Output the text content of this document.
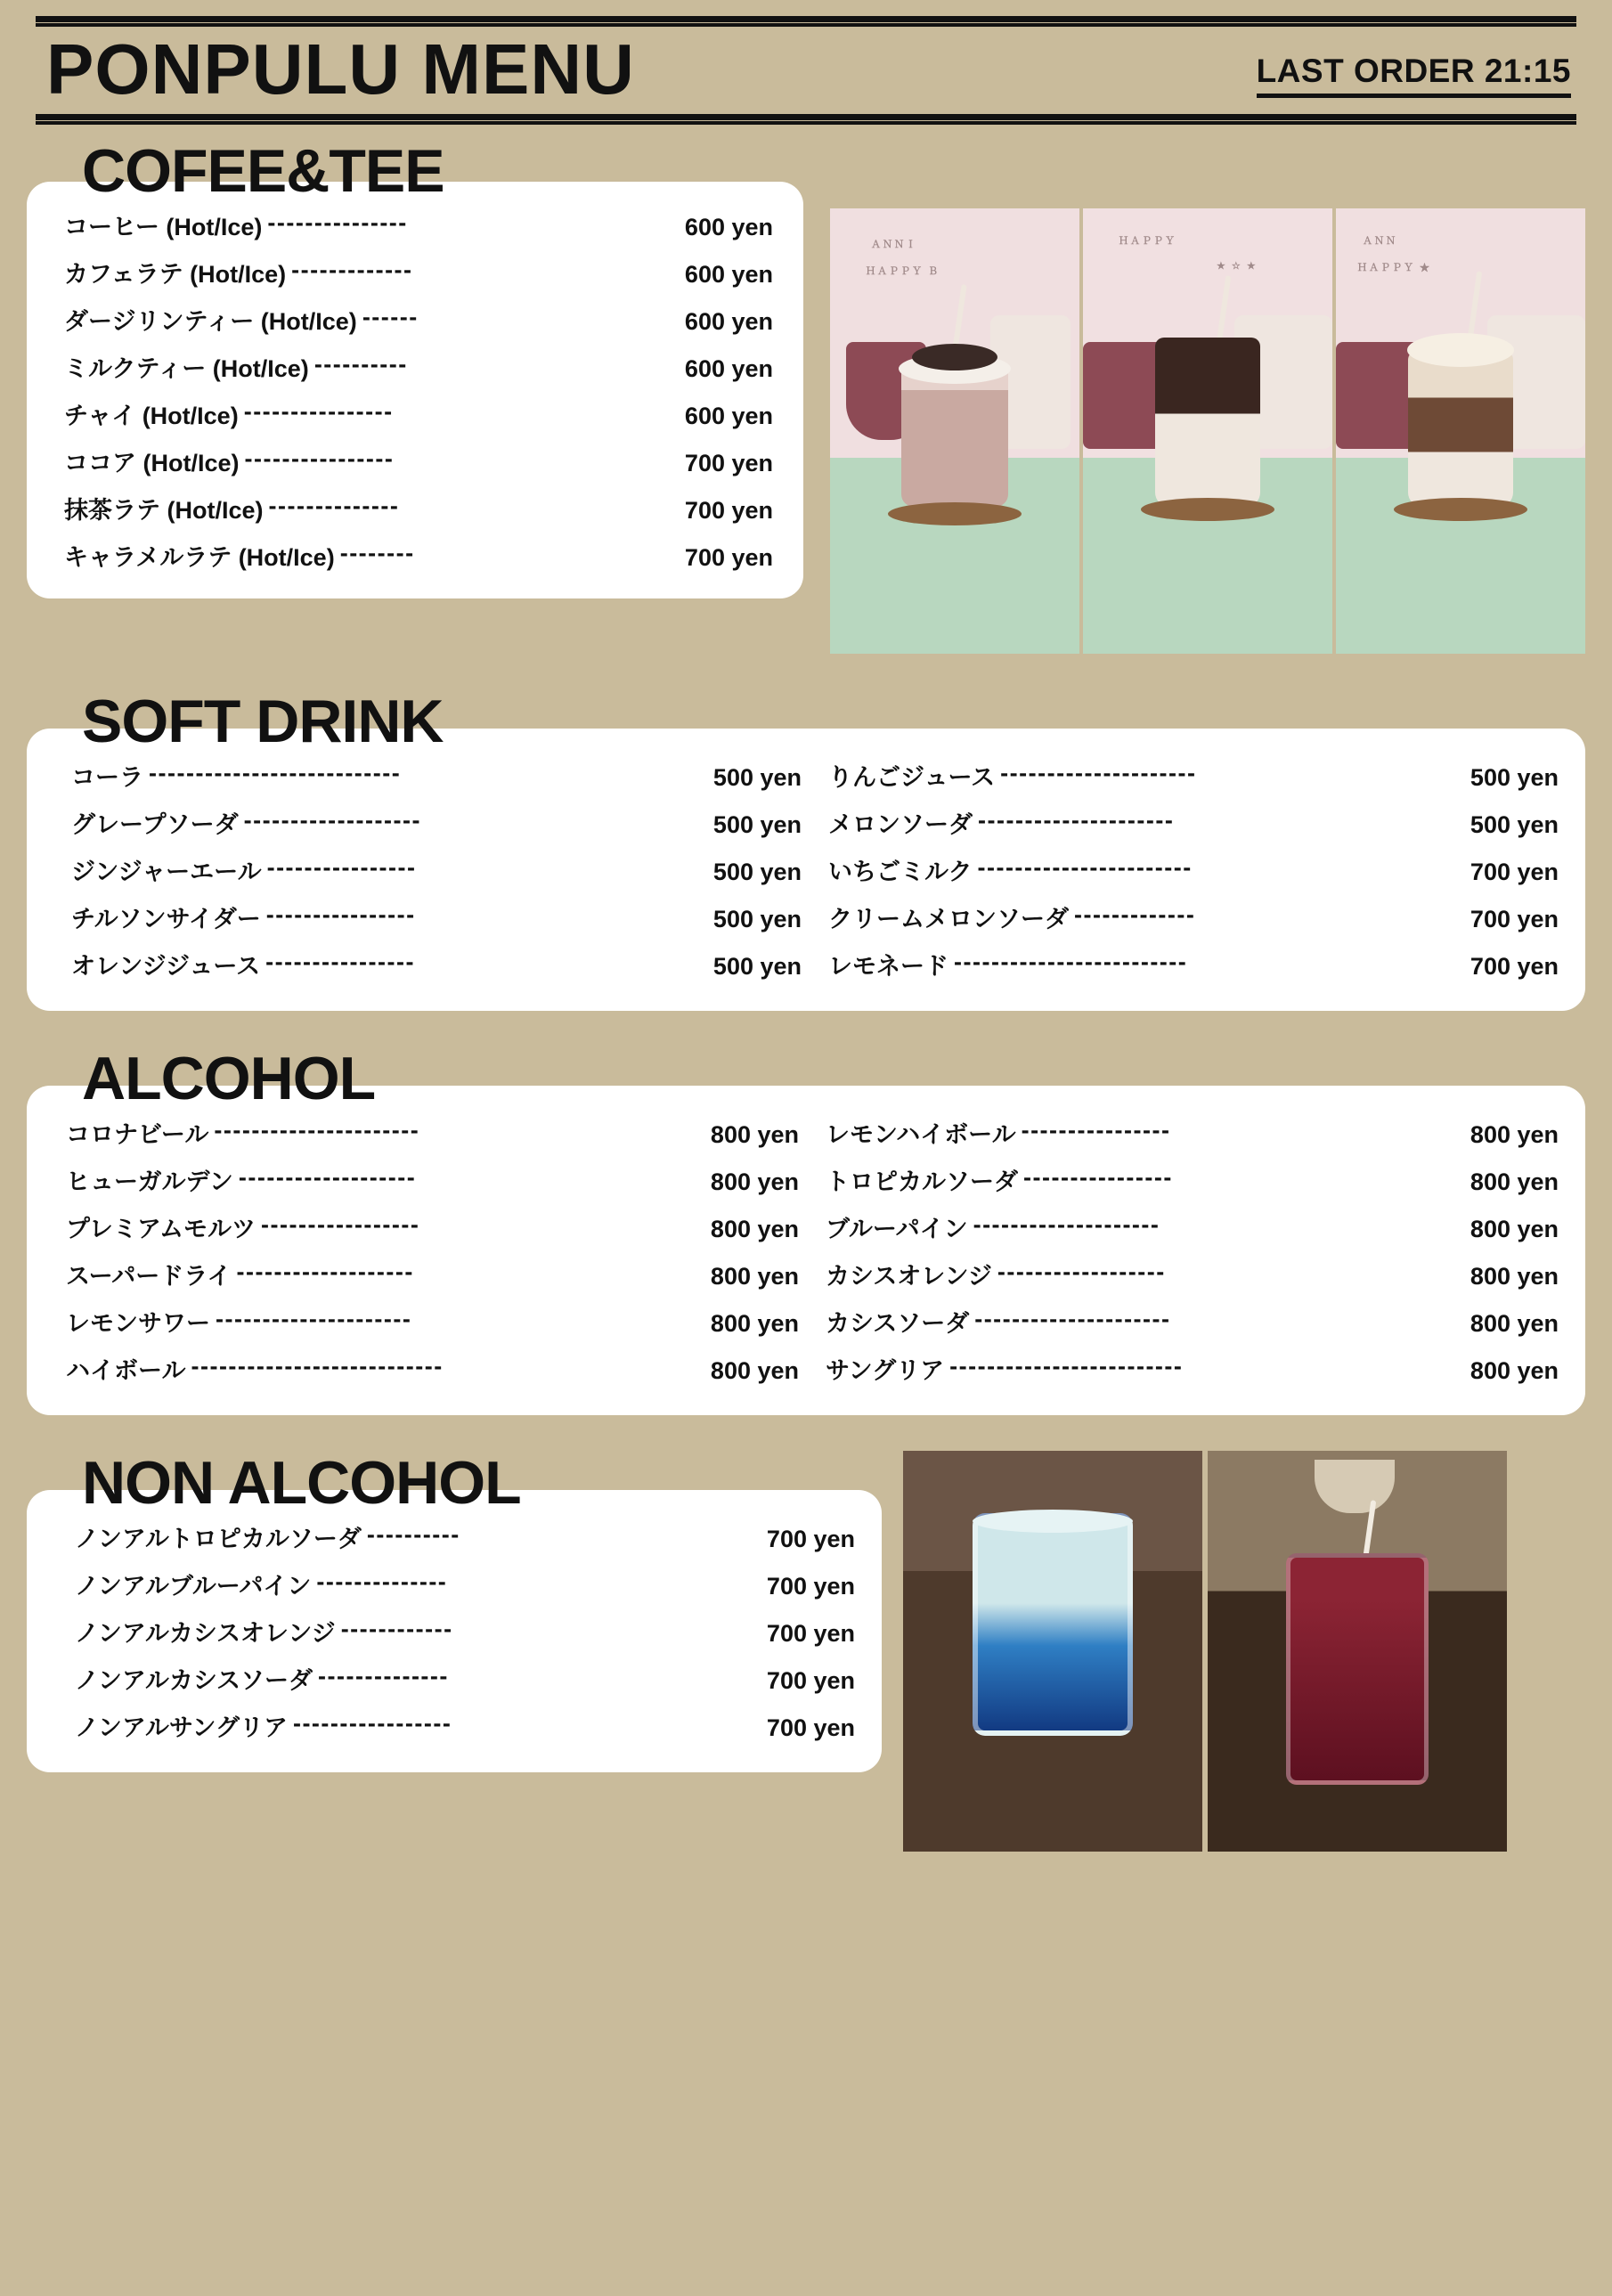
PONPULU MENU	LAST ORDER 21:15
COFEE&TEE
コーヒー (Hot/Ice) ---------------	600 yen
カフェラテ (Hot/Ice) -------------	600 yen
ダージリンティー (Hot/Ice) ------	600 yen
ミルクティー (Hot/Ice) ----------	600 yen
チャイ (Hot/Ice) ----------------	600 yen
ココア (Hot/Ice) ----------------	700 yen
抹茶ラテ (Hot/Ice) --------------	700 yen
キャラメルラテ (Hot/Ice) --------	700 yen
ＡＮＮＩ
ＨＡＰＰＹ Ｂ
ＨＡＰＰＹ
★ ☆ ★
ＡＮＮ
ＨＡＰＰＹ ★
SOFT DRINK
コーラ ---------------------------	500 yen
グレープソーダ -------------------	500 yen
ジンジャーエール ----------------	500 yen
チルソンサイダー ----------------	500 yen
オレンジジュース ----------------	500 yen
りんごジュース ---------------------	500 yen
メロンソーダ ---------------------	500 yen
いちごミルク -----------------------	700 yen
クリームメロンソーダ -------------	700 yen
レモネード -------------------------	700 yen
ALCOHOL
コロナビール ----------------------	800 yen
ヒューガルデン -------------------	800 yen
プレミアムモルツ -----------------	800 yen
スーパードライ -------------------	800 yen
レモンサワー ---------------------	800 yen
ハイボール ---------------------------	800 yen
レモンハイボール ----------------	800 yen
トロピカルソーダ ----------------	800 yen
ブルーパイン --------------------	800 yen
カシスオレンジ ------------------	800 yen
カシスソーダ ---------------------	800 yen
サングリア -------------------------	800 yen
NON ALCOHOL
ノンアルトロピカルソーダ ----------	700 yen
ノンアルブルーパイン --------------	700 yen
ノンアルカシスオレンジ ------------	700 yen
ノンアルカシスソーダ --------------	700 yen
ノンアルサングリア -----------------	700 yen
